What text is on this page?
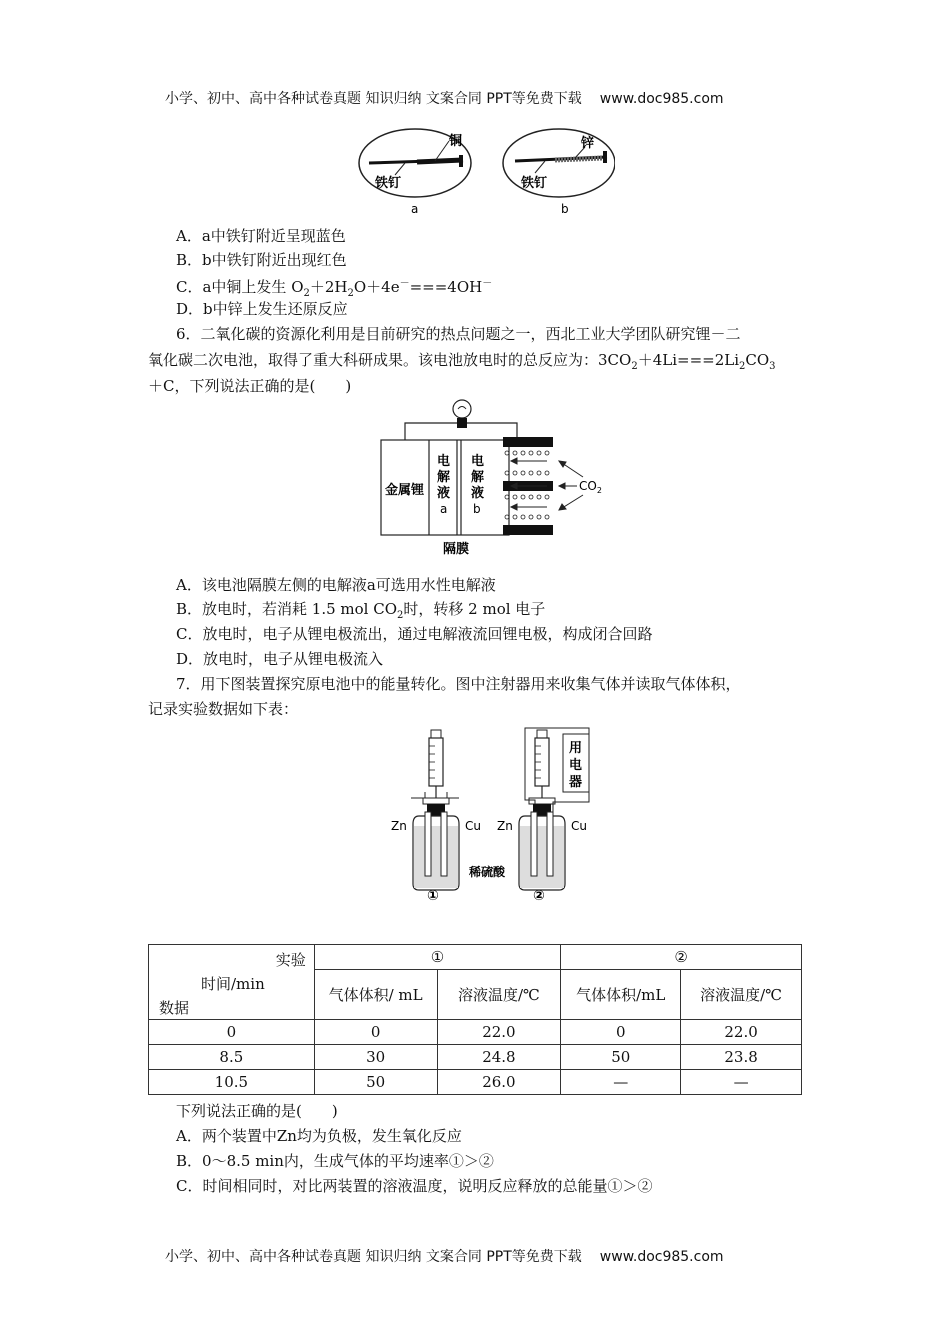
小学、初中、高中各种试卷真题 知识归纳 文案合同 PPT等免费下载 www.doc985.com
铜
铁钉
a
锌
铁钉
b
A．a中铁钉附近呈现蓝色
B．b中铁钉附近出现红色
C．a中铜上发生 $O_2+2H_2O+4e^-===4OH^-$
D．b中锌上发生还原反应
6．二氧化碳的资源化利用是目前研究的热点问题之一，西北工业大学团队研究锂－二
氧化碳二次电池，取得了重大科研成果。该电池放电时的总反应为：$3CO_2+4Li===2Li_2CO_3$
＋C，下列说法正确的是(　　)
金属锂
电
解
液
a
电
解
液
b
$CO_2$
隔膜
A．该电池隔膜左侧的电解液a可选用水性电解液
B．放电时，若消耗 1.5 mol $CO_2$时，转移 2 mol 电子
C．放电时，电子从锂电极流出，通过电解液流回锂电极，构成闭合回路
D．放电时，电子从锂电极流入
7．用下图装置探究原电池中的能量转化。图中注射器用来收集气体并读取气体体积，
记录实验数据如下表：
Zn	Cu
①
用
电
器
Zn	Cu
②
稀硫酸
实验
时间/min
数据	①		②	
	气体体积/ mL	溶液温度/℃	气体体积/mL	溶液温度/℃
0	0	22.0	0	22.0
8.5	30	24.8	50	23.8
10.5	50	26.0	—	—
下列说法正确的是(　　)
A．两个装置中Zn均为负极，发生氧化反应
B．0～8.5 min内，生成气体的平均速率①＞②
C．时间相同时，对比两装置的溶液温度，说明反应释放的总能量①＞②
小学、初中、高中各种试卷真题 知识归纳 文案合同 PPT等免费下载 www.doc985.com
